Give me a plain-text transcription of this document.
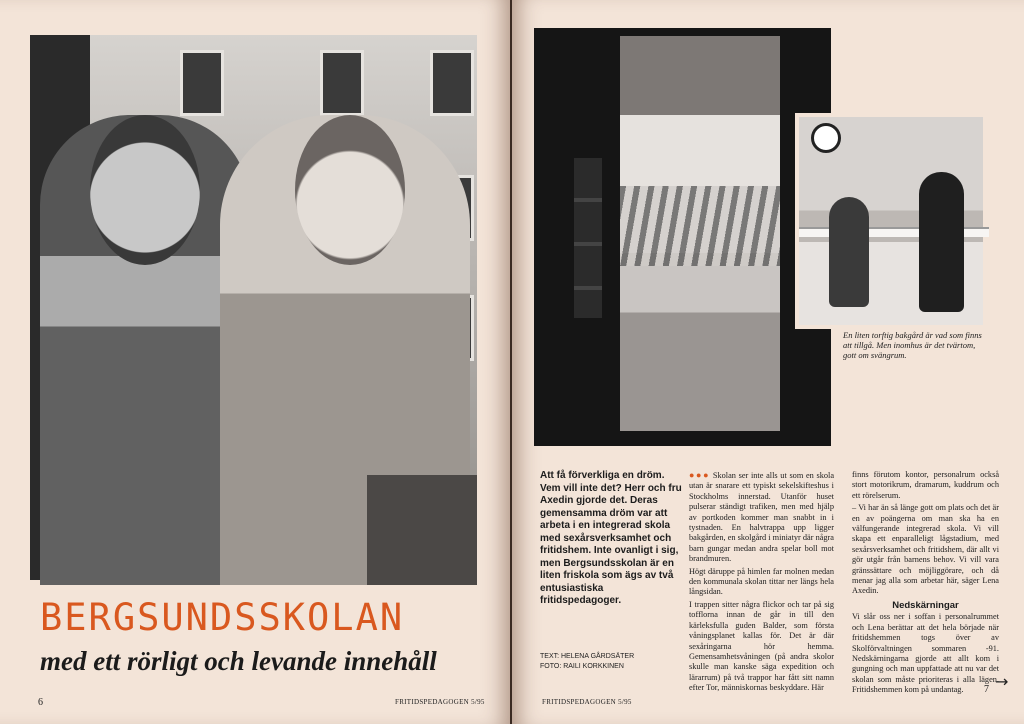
BERGSUNDSSKOLAN
med ett rörligt och levande innehåll
6	FRITIDSPEDAGOGEN 5/95
En liten torftig bakgård är vad som finns att tillgå. Men inomhus är det tvärtom, gott om svängrum.

Att få förverkliga en dröm. Vem vill inte det? Herr och fru Axedin gjorde det. Deras gemensamma dröm var att arbeta i en integrerad skola med sexårsverksamhet och fritidshem. Inte ovanligt i sig, men Bergsundsskolan är en liten friskola som ägs av två entusiastiska fritidspedagoger.

TEXT: HELENA GÅRDSÄTER
FOTO: RAILI KORKKINEN

●●● Skolan ser inte alls ut som en skola utan är snarare ett typiskt sekelskifteshus i Stockholms innerstad. Utanför huset pulserar ständigt trafiken, men med hjälp av portkoden kommer man snabbt in i tystnaden. En halvtrappa upp ligger bakgården, en skolgård i miniatyr där några barn gungar medan andra spelar boll mot brandmuren.

Högt däruppe på himlen far molnen medan den kommunala skolan tittar ner längs hela långsidan.

I trappen sitter några flickor och tar på sig tofflorna innan de går in till den kärleksfulla guden Balder, som första våningsplanet kallas för. Det är där sexåringarna hör hemma. Gemensamhetsvåningen (på andra skolor skulle man kanske säga expedition och lärarrum) på två trappor har fått sitt namn efter Tor, människornas beskyddare. Här

finns förutom kontor, personalrum också stort motorikrum, dramarum, kuddrum och ett rörelserum.

– Vi har än så länge gott om plats och det är en av poängerna om man ska ha en välfungerande integrerad skola. Vi vill skapa ett enparalleligt lågstadium, med sexårsverksamhet och fritidshem, där allt vi gör utgår från barnens behov. Vi vill vara gränssättare och möjliggörare, och då menar jag alla som arbetar här, säger Lena Axedin.

Nedskärningar

Vi slår oss ner i soffan i personalrummet och Lena berättar att det hela började när fritidshemmen togs över av Skolförvaltningen sommaren -91. Nedskärningarna gjorde att allt kom i gungning och man uppfattade att nu var det skolan som måste prioriteras i alla lägen. Fritidshemmen kom på undantag.

FRITIDSPEDAGOGEN 5/95
7 →
